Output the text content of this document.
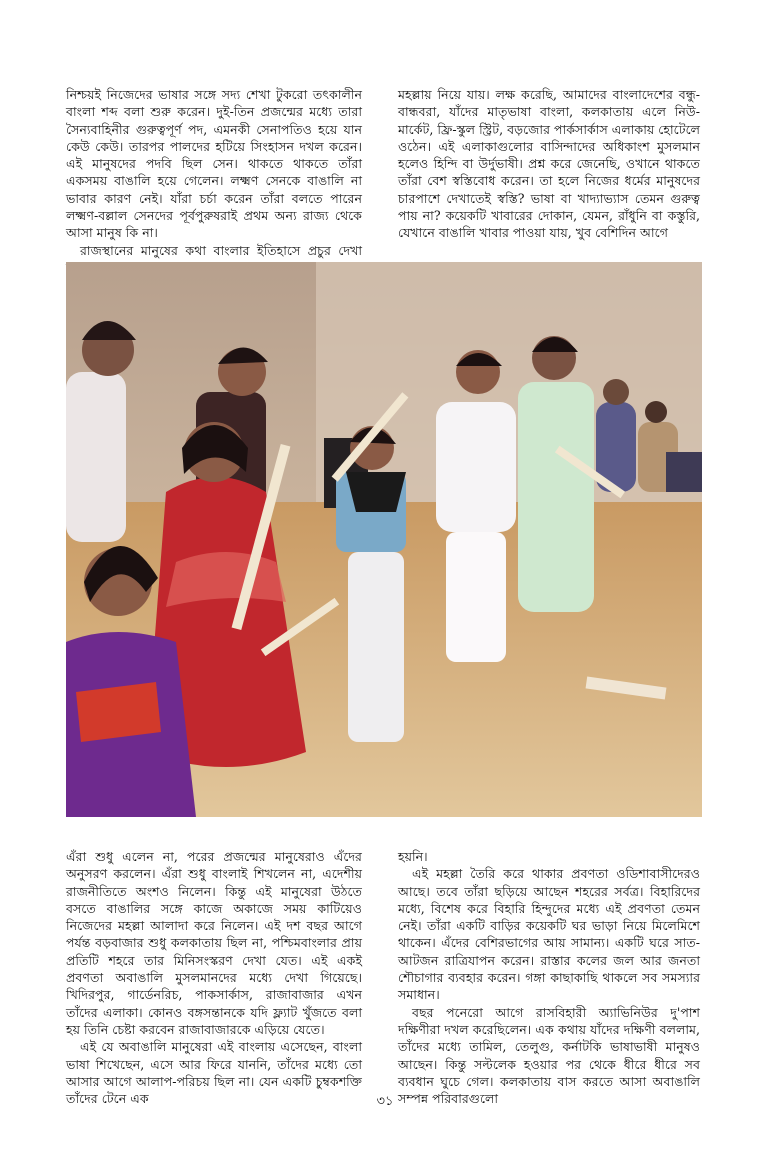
নিশ্চয়ই নিজেদের ভাষার সঙ্গে সদ্য শেখা টুকরো তৎকালীন বাংলা শব্দ বলা শুরু করেন। দুই-তিন প্রজন্মের মধ্যে তারা সৈন্যবাহিনীর গুরুত্বপূর্ণ পদ, এমনকী সেনাপতিও হয়ে যান কেউ কেউ। তারপর পালদের হটিয়ে সিংহাসন দখল করেন। এই মানুষদের পদবি ছিল সেন। থাকতে থাকতে তাঁরা একসময় বাঙালি হয়ে গেলেন। লক্ষ্মণ সেনকে বাঙালি না ভাবার কারণ নেই। যাঁরা চর্চা করেন তাঁরা বলতে পারেন লক্ষ্মণ-বল্লাল সেনদের পূর্বপুরুষরাই প্রথম অন্য রাজ্য থেকে আসা মানুষ কি না।

রাজস্থানের মানুষের কথা বাংলার ইতিহাসে প্রচুর দেখা

মহল্লায় নিয়ে যায়। লক্ষ করেছি, আমাদের বাংলাদেশের বন্ধু-বান্ধবরা, যাঁদের মাতৃভাষা বাংলা, কলকাতায় এলে নিউ-মার্কেট, ফ্রি-স্কুল স্ট্রিট, বড়জোর পার্কসার্কাস এলাকায় হোটেলে ওঠেন। এই এলাকাগুলোর বাসিন্দাদের অধিকাংশ মুসলমান হলেও হিন্দি বা উর্দুভাষী। প্রশ্ন করে জেনেছি, ওখানে থাকতে তাঁরা বেশ স্বস্তিবোধ করেন। তা হলে নিজের ধর্মের মানুষদের চারপাশে দেখাতেই স্বস্তি? ভাষা বা খাদ্যাভ্যাস তেমন গুরুত্ব পায় না? কয়েকটি খাবারের দোকান, যেমন, রাঁধুনি বা কস্তুরি, যেখানে বাঙালি খাবার পাওয়া যায়, খুব বেশিদিন আগে

এঁরা শুধু এলেন না, পরের প্রজন্মের মানুষেরাও এঁদের অনুসরণ করলেন। এঁরা শুধু বাংলাই শিখলেন না, এদেশীয় রাজনীতিতে অংশও নিলেন। কিন্তু এই মানুষেরা উঠতে বসতে বাঙালির সঙ্গে কাজে অকাজে সময় কাটিয়েও নিজেদের মহল্লা আলাদা করে নিলেন। এই দশ বছর আগে পর্যন্ত বড়বাজার শুধু কলকাতায় ছিল না, পশ্চিমবাংলার প্রায় প্রতিটি শহরে তার মিনিসংস্করণ দেখা যেত। এই একই প্রবণতা অবাঙালি মুসলমানদের মধ্যে দেখা গিয়েছে। খিদিরপুর, গার্ডেনরিচ, পাকসার্কাস, রাজাবাজার এখন তাঁদের এলাকা। কোনও বঙ্গসন্তানকে যদি ফ্ল্যাট খুঁজতে বলা হয় তিনি চেষ্টা করবেন রাজাবাজারকে এড়িয়ে যেতে।

এই যে অবাঙালি মানুষেরা এই বাংলায় এসেছেন, বাংলা ভাষা শিখেছেন, এসে আর ফিরে যাননি, তাঁদের মধ্যে তো আসার আগে আলাপ-পরিচয় ছিল না। যেন একটি চুম্বকশক্তি তাঁদের টেনে এক

হয়নি।

এই মহল্লা তৈরি করে থাকার প্রবণতা ওডিশাবাসীদেরও আছে। তবে তাঁরা ছড়িয়ে আছেন শহরের সর্বত্র। বিহারিদের মধ্যে, বিশেষ করে বিহারি হিন্দুদের মধ্যে এই প্রবণতা তেমন নেই। তাঁরা একটি বাড়ির কয়েকটি ঘর ভাড়া নিয়ে মিলেমিশে থাকেন। এঁদের বেশিরভাগের আয় সামান্য। একটি ঘরে সাত-আটজন রাত্রিযাপন করেন। রাস্তার কলের জল আর জনতা শৌচাগার ব্যবহার করেন। গঙ্গা কাছাকাছি থাকলে সব সমস্যার সমাধান।

বছর পনেরো আগে রাসবিহারী অ্যাভিনিউর দু'পাশ দক্ষিণীরা দখল করেছিলেন। এক কথায় যাঁদের দক্ষিণী বললাম, তাঁদের মধ্যে তামিল, তেলুগু, কর্নাটকি ভাষাভাষী মানুষও আছেন। কিন্তু সল্টলেক হওয়ার পর থেকে ধীরে ধীরে সব ব্যবধান ঘুচে গেল। কলকাতায় বাস করতে আসা অবাঙালি সম্পন্ন পরিবারগুলো

৩১
